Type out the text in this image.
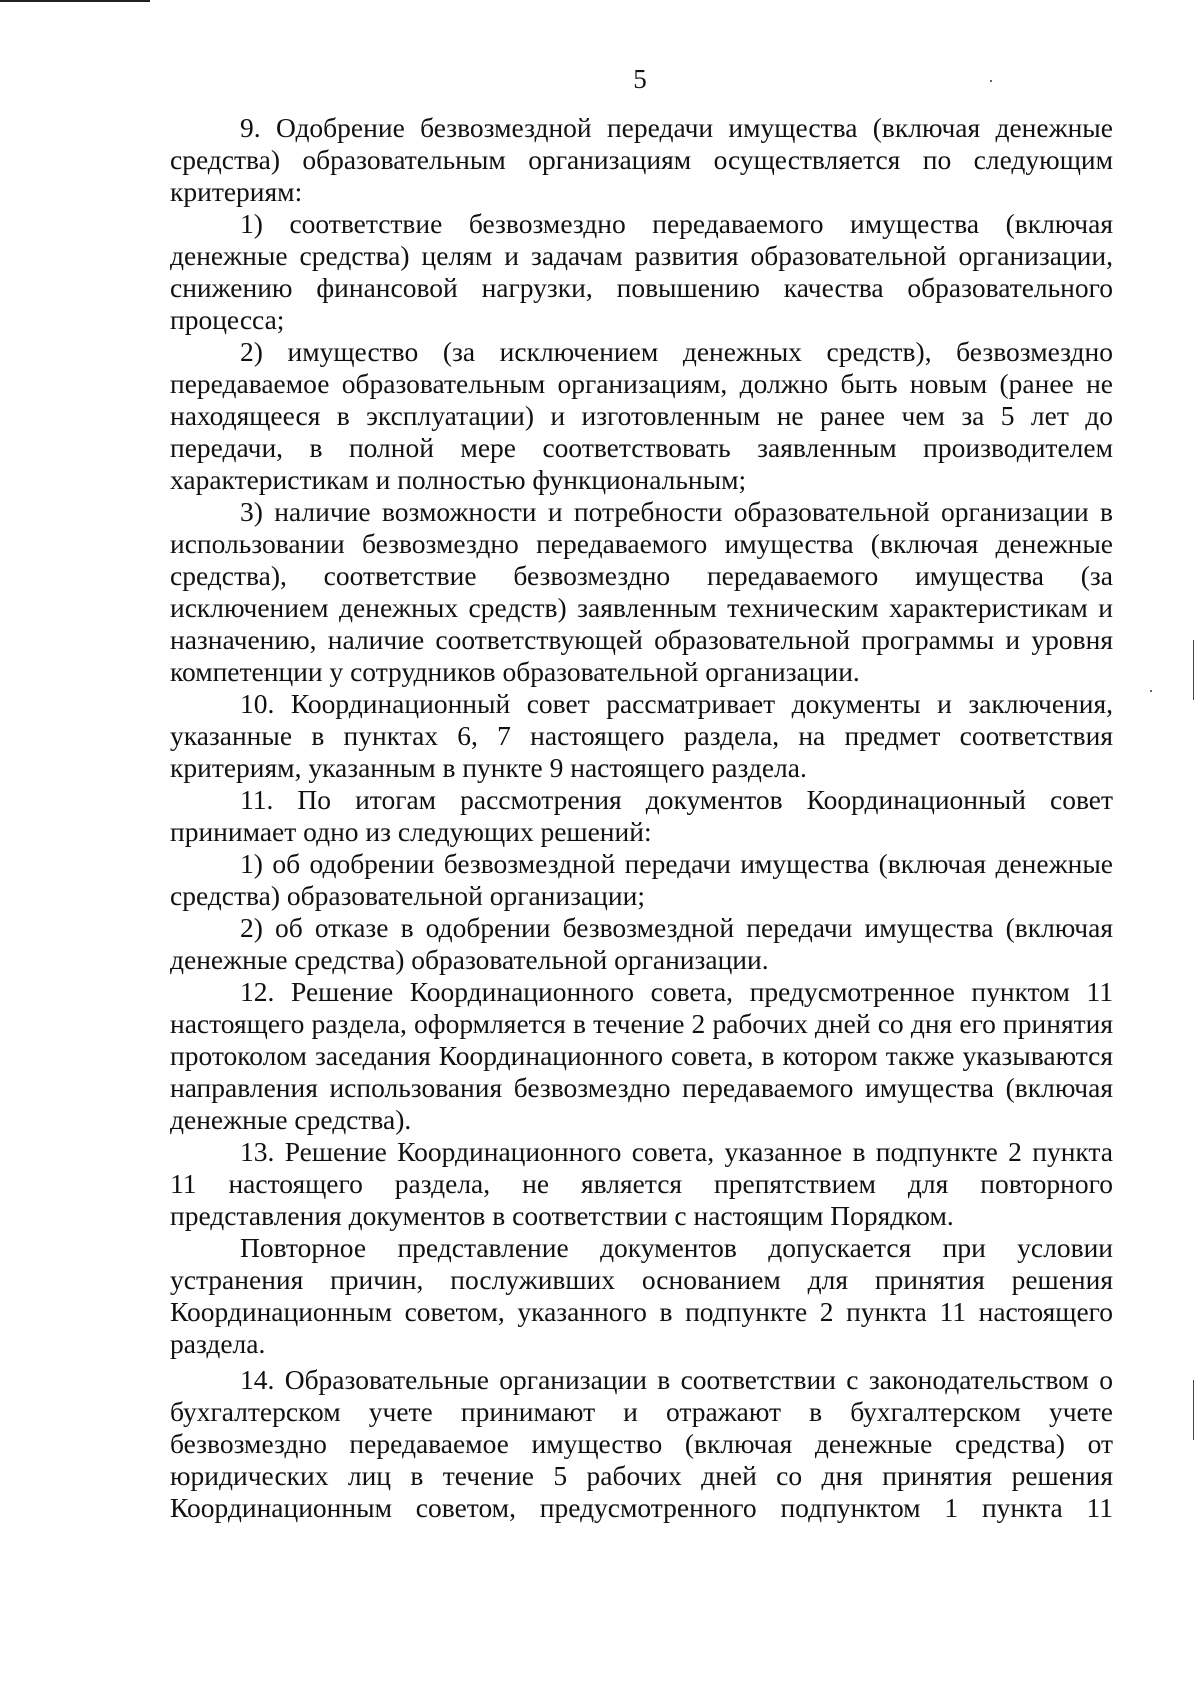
5

9. Одобрение безвозмездной передачи имущества (включая денежные средства) образовательным организациям осуществляется по следующим критериям:

1) соответствие безвозмездно передаваемого имущества (включая денежные средства) целям и задачам развития образовательной организации, снижению финансовой нагрузки, повышению качества образовательного процесса;

2) имущество (за исключением денежных средств), безвозмездно передаваемое образовательным организациям, должно быть новым (ранее не находящееся в эксплуатации) и изготовленным не ранее чем за 5 лет до передачи, в полной мере соответствовать заявленным производителем характеристикам и полностью функциональным;

3) наличие возможности и потребности образовательной организации в использовании безвозмездно передаваемого имущества (включая денежные средства), соответствие безвозмездно передаваемого имущества (за исключением денежных средств) заявленным техническим характеристикам и назначению, наличие соответствующей образовательной программы и уровня компетенции у сотрудников образовательной организации.

10. Координационный совет рассматривает документы и заключения, указанные в пунктах 6, 7 настоящего раздела, на предмет соответствия критериям, указанным в пункте 9 настоящего раздела.

11. По итогам рассмотрения документов Координационный совет принимает одно из следующих решений:

1) об одобрении безвозмездной передачи имущества (включая денежные средства) образовательной организации;

2) об отказе в одобрении безвозмездной передачи имущества (включая денежные средства) образовательной организации.

12. Решение Координационного совета, предусмотренное пунктом 11 настоящего раздела, оформляется в течение 2 рабочих дней со дня его принятия протоколом заседания Координационного совета, в котором также указываются направления использования безвозмездно передаваемого имущества (включая денежные средства).

13. Решение Координационного совета, указанное в подпункте 2 пункта 11 настоящего раздела, не является препятствием для повторного представления документов в соответствии с настоящим Порядком.

Повторное представление документов допускается при условии устранения причин, послуживших основанием для принятия решения Координационным советом, указанного в подпункте 2 пункта 11 настоящего раздела.

14. Образовательные организации в соответствии с законодательством о бухгалтерском учете принимают и отражают в бухгалтерском учете безвозмездно передаваемое имущество (включая денежные средства) от юридических лиц в течение 5 рабочих дней со дня принятия решения Координационным советом, предусмотренного подпунктом 1 пункта 11
